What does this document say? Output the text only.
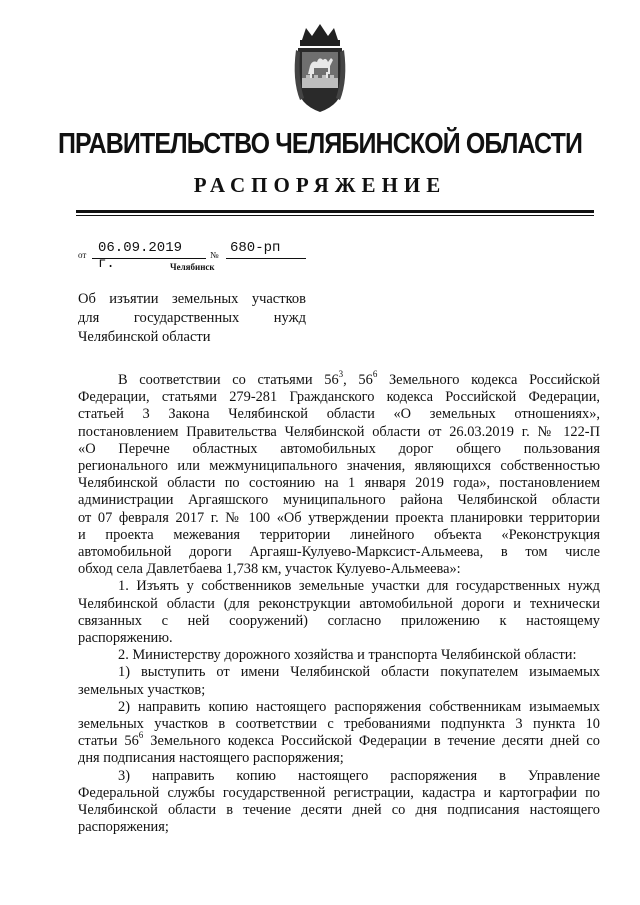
ПРАВИТЕЛЬСТВО ЧЕЛЯБИНСКОЙ ОБЛАСТИ
РАСПОРЯЖЕНИЕ
от 06.09.2019 г.
№ 680-рп
Челябинск
Об изъятии земельных участков
для государственных нужд
Челябинской области
В соответствии со статьями $56^3$, $56^6$ Земельного кодекса Российской
Федерации, статьями 279-281 Гражданского кодекса Российской Федерации,
статьей 3 Закона Челябинской области «О земельных отношениях»,
постановлением Правительства Челябинской области от 26.03.2019 г. № 122-П
«О Перечне областных автомобильных дорог общего пользования
регионального или межмуниципального значения, являющихся собственностью
Челябинской области по состоянию на 1 января 2019 года», постановлением
администрации Аргаяшского муниципального района Челябинской области
от 07 февраля 2017 г. № 100 «Об утверждении проекта планировки территории
и проекта межевания территории линейного объекта «Реконструкция
автомобильной дороги Аргаяш-Кулуево-Марксист-Альмеева, в том числе
обход села Давлетбаева 1,738 км, участок Кулуево-Альмеева»:
1. Изъять у собственников земельные участки для государственных нужд
Челябинской области (для реконструкции автомобильной дороги и технически
связанных с ней сооружений) согласно приложению к настоящему
распоряжению.
2. Министерству дорожного хозяйства и транспорта Челябинской области:
1) выступить от имени Челябинской области покупателем изымаемых
земельных участков;
2) направить копию настоящего распоряжения собственникам изымаемых
земельных участков в соответствии с требованиями подпункта 3 пункта 10
статьи $56^6$ Земельного кодекса Российской Федерации в течение десяти дней со
дня подписания настоящего распоряжения;
3) направить копию настоящего распоряжения в Управление
Федеральной службы государственной регистрации, кадастра и картографии по
Челябинской области в течение десяти дней со дня подписания настоящего
распоряжения;
